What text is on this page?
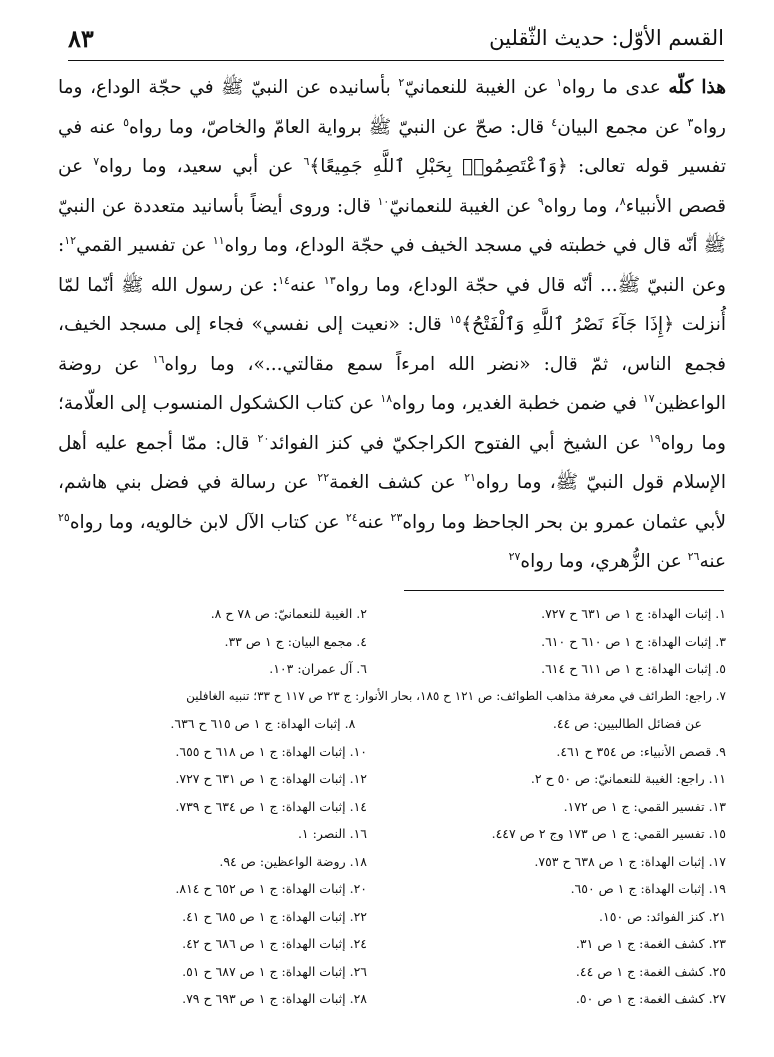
القسم الأوّل: حديث الثّقلين
٨٣
هذا كلّه عدى ما رواه$^١$ عن الغيبة للنعمانيّ$^٢$ بأسانيده عن النبيّ ﷺ في حجّة الوداع، وما رواه$^٣$ عن مجمع البيان$^٤$ قال: صحّ عن النبيّ ﷺ برواية العامّ والخاصّ، وما رواه$^٥$ عنه في تفسير قوله تعالى: ﴿وَٱعْتَصِمُوا۟ بِحَبْلِ ٱللَّهِ جَمِيعًا﴾$^٦$ عن أبي سعيد، وما رواه$^٧$ عن قصص الأنبياء$^٨$، وما رواه$^٩$ عن الغيبة للنعمانيّ$^{١٠}$ قال: وروى أيضاً بأسانيد متعددة عن النبيّ ﷺ أنّه قال في خطبته في مسجد الخيف في حجّة الوداع، وما رواه$^{١١}$ عن تفسير القمي$^{١٢}$: وعن النبيّ ﷺ... أنّه قال في حجّة الوداع، وما رواه$^{١٣}$ عنه$^{١٤}$: عن رسول الله ﷺ أنّما لمّا أُنزلت ﴿إِذَا جَآءَ نَصْرُ ٱللَّهِ وَٱلْفَتْحُ﴾$^{١٥}$ قال: «نعيت إلى نفسي» فجاء إلى مسجد الخيف، فجمع الناس، ثمّ قال: «نضر الله امرءاً سمع مقالتي...»، وما رواه$^{١٦}$ عن روضة الواعظين$^{١٧}$ في ضمن خطبة الغدير، وما رواه$^{١٨}$ عن كتاب الكشكول المنسوب إلى العلّامة؛ وما رواه$^{١٩}$ عن الشيخ أبي الفتوح الكراجكيّ في كنز الفوائد$^{٢٠}$ قال: ممّا أجمع عليه أهل الإسلام قول النبيّ ﷺ، وما رواه$^{٢١}$ عن كشف الغمة$^{٢٢}$ عن رسالة في فضل بني هاشم، لأبي عثمان عمرو بن بحر الجاحظ وما رواه$^{٢٣}$ عنه$^{٢٤}$ عن كتاب الآل لابن خالويه، وما رواه$^{٢٥}$ عنه$^{٢٦}$ عن الزُّهري، وما رواه$^{٢٧}$
١. إثبات الهداة: ج ١ ص ٦٣١ ح ٧٢٧.
٢. الغيبة للنعمانيّ: ص ٧٨ ح ٨.
٣. إثبات الهداة: ج ١ ص ٦١٠ ح ٦١٠.
٤. مجمع البيان: ج ١ ص ٣٣.
٥. إثبات الهداة: ج ١ ص ٦١١ ح ٦١٤.
٦. آل عمران: ١٠٣.
٧. راجع: الطرائف في معرفة مذاهب الطوائف: ص ١٢١ ح ١٨٥، بحار الأنوار: ج ٢٣ ص ١١٧ ح ٣٣؛ تنبيه الغافلين
عن فضائل الطالبيين: ص ٤٤.
٨. إثبات الهداة: ج ١ ص ٦١٥ ح ٦٣٦.
٩. قصص الأنبياء: ص ٣٥٤ ح ٤٦١.
١٠. إثبات الهداة: ج ١ ص ٦١٨ ح ٦٥٥.
١١. راجع: الغيبة للنعمانيّ: ص ٥٠ ح ٢.
١٢. إثبات الهداة: ج ١ ص ٦٣١ ح ٧٢٧.
١٣. تفسير القمي: ج ١ ص ١٧٢.
١٤. إثبات الهداة: ج ١ ص ٦٣٤ ح ٧٣٩.
١٥. تفسير القمي: ج ١ ص ١٧٣ وج ٢ ص ٤٤٧.
١٦. النصر: ١.
١٧. إثبات الهداة: ج ١ ص ٦٣٨ ح ٧٥٣.
١٨. روضة الواعظين: ص ٩٤.
١٩. إثبات الهداة: ج ١ ص ٦٥٠.
٢٠. إثبات الهداة: ج ١ ص ٦٥٢ ح ٨١٤.
٢١. كنز الفوائد: ص ١٥٠.
٢٢. إثبات الهداة: ج ١ ص ٦٨٥ ح ٤١.
٢٣. كشف الغمة: ج ١ ص ٣١.
٢٤. إثبات الهداة: ج ١ ص ٦٨٦ ح ٤٢.
٢٥. كشف الغمة: ج ١ ص ٤٤.
٢٦. إثبات الهداة: ج ١ ص ٦٨٧ ح ٥١.
٢٧. كشف الغمة: ج ١ ص ٥٠.
٢٨. إثبات الهداة: ج ١ ص ٦٩٣ ح ٧٩.
